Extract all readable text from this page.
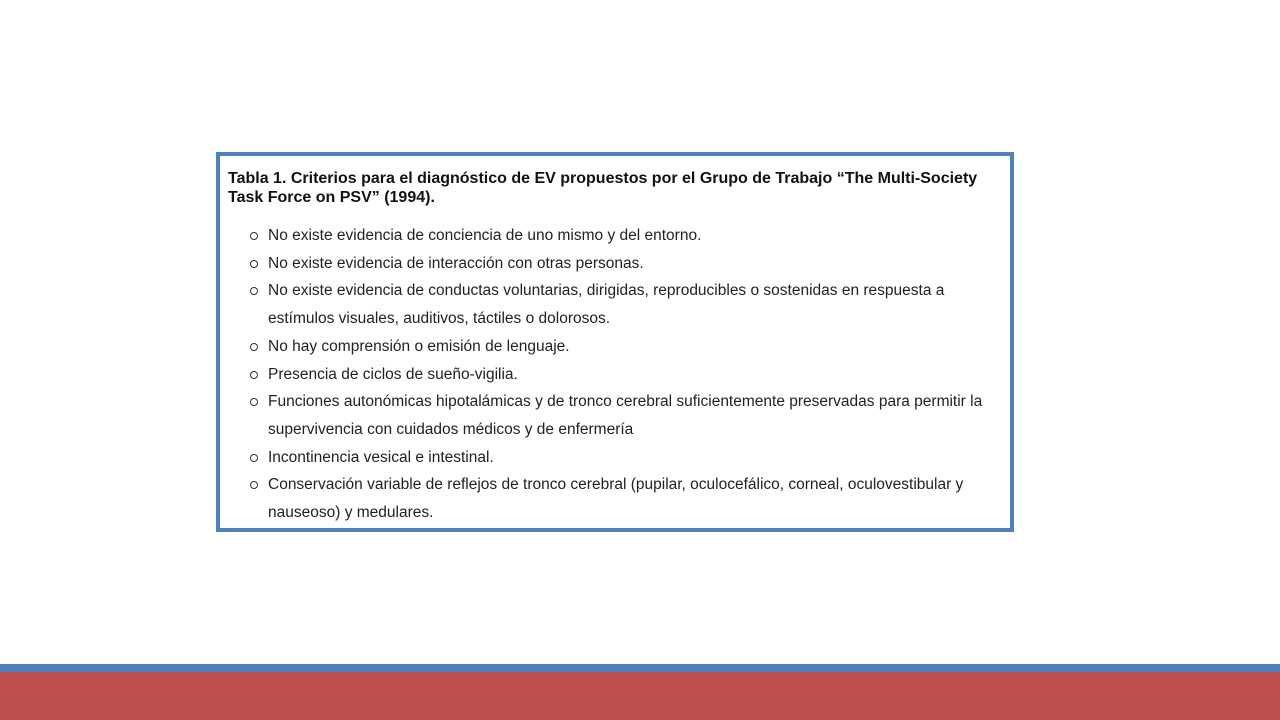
Tabla 1. Criterios para el diagnóstico de EV propuestos por el Grupo de Trabajo “The Multi-Society Task Force on PSV” (1994).

No existe evidencia de conciencia de uno mismo y del entorno.
No existe evidencia de interacción con otras personas.
No existe evidencia de conductas voluntarias, dirigidas, reproducibles o sostenidas en respuesta a estímulos visuales, auditivos, táctiles o dolorosos.
No hay comprensión o emisión de lenguaje.
Presencia de ciclos de sueño-vigilia.
Funciones autonómicas hipotalámicas y de tronco cerebral suficientemente preservadas para permitir la supervivencia con cuidados médicos y de enfermería
Incontinencia vesical e intestinal.
Conservación variable de reflejos de tronco cerebral (pupilar, oculocefálico, corneal, oculovestibular y nauseoso) y medulares.
